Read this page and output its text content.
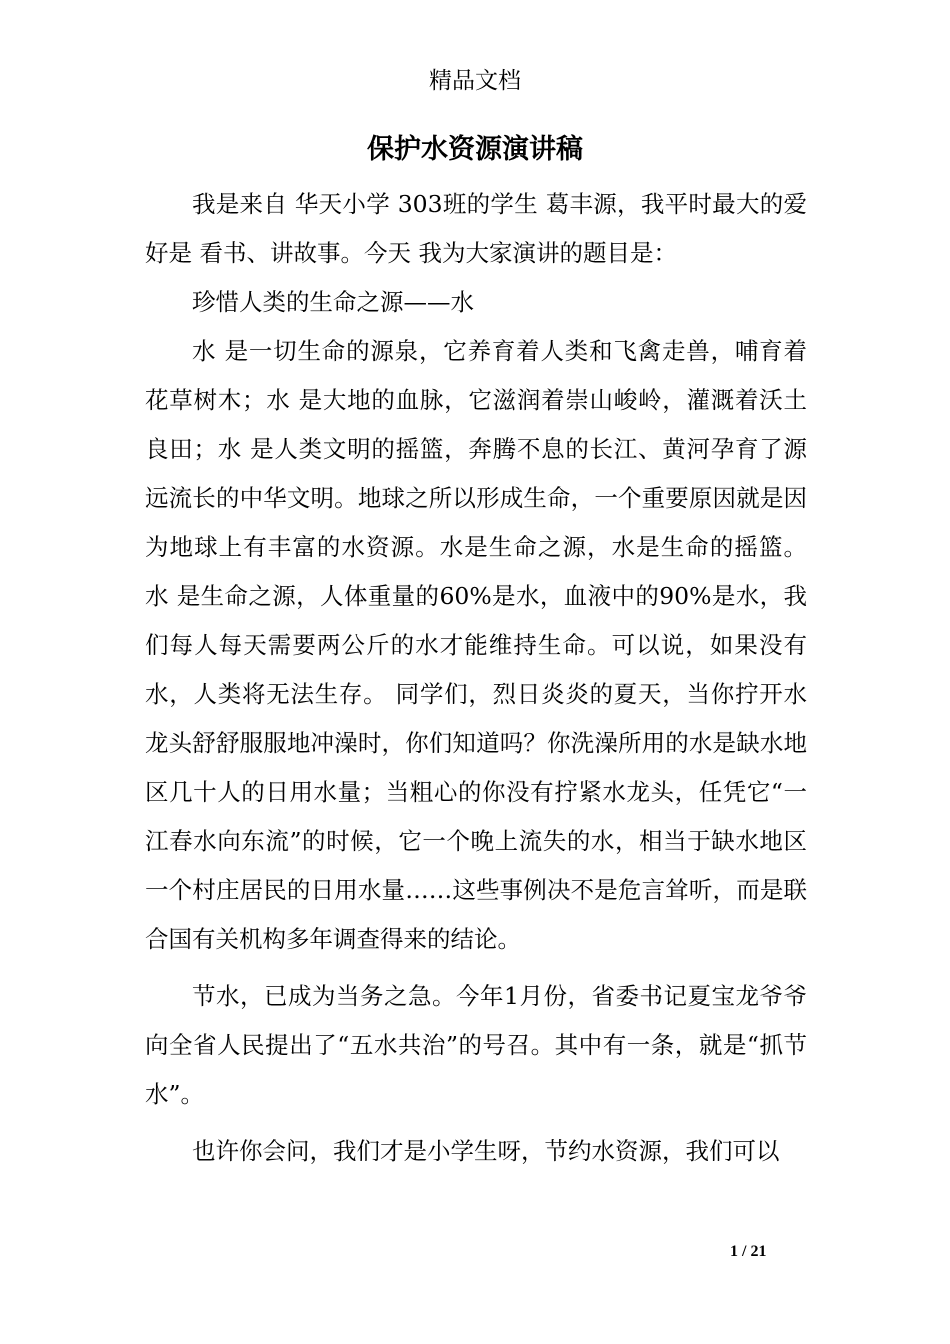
精品文档
保护水资源演讲稿

我是来自 华天小学 303班的学生 葛丰源，我平时最大的爱好是 看书、讲故事。今天 我为大家演讲的题目是：

珍惜人类的生命之源——水

水 是一切生命的源泉，它养育着人类和飞禽走兽，哺育着花草树木；水 是大地的血脉，它滋润着崇山峻岭，灌溉着沃土良田；水 是人类文明的摇篮，奔腾不息的长江、黄河孕育了源远流长的中华文明。地球之所以形成生命，一个重要原因就是因为地球上有丰富的水资源。水是生命之源，水是生命的摇篮。 水 是生命之源，人体重量的60%是水，血液中的90%是水，我们每人每天需要两公斤的水才能维持生命。可以说，如果没有水，人类将无法生存。 同学们，烈日炎炎的夏天，当你拧开水龙头舒舒服服地冲澡时，你们知道吗？你洗澡所用的水是缺水地区几十人的日用水量；当粗心的你没有拧紧水龙头，任凭它“一江春水向东流”的时候，它一个晚上流失的水，相当于缺水地区一个村庄居民的日用水量……这些事例决不是危言耸听，而是联合国有关机构多年调查得来的结论。

节水，已成为当务之急。今年1月份，省委书记夏宝龙爷爷向全省人民提出了“五水共治”的号召。其中有一条，就是“抓节水”。

也许你会问，我们才是小学生呀，节约水资源，我们可以

1 / 21
